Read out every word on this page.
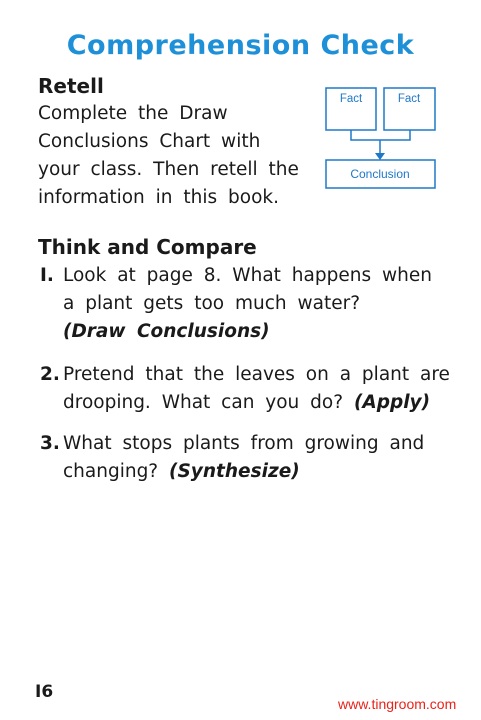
Comprehension Check
Retell
Complete the Draw
Conclusions Chart with
your class. Then retell the
information in this book.
Fact	Fact
Conclusion
Think and Compare
I. Look at page 8. What happens when
a plant gets too much water?
(Draw Conclusions)
2. Pretend that the leaves on a plant are
drooping. What can you do? (Apply)
3. What stops plants from growing and
changing? (Synthesize)
I6
www.tingroom.com
